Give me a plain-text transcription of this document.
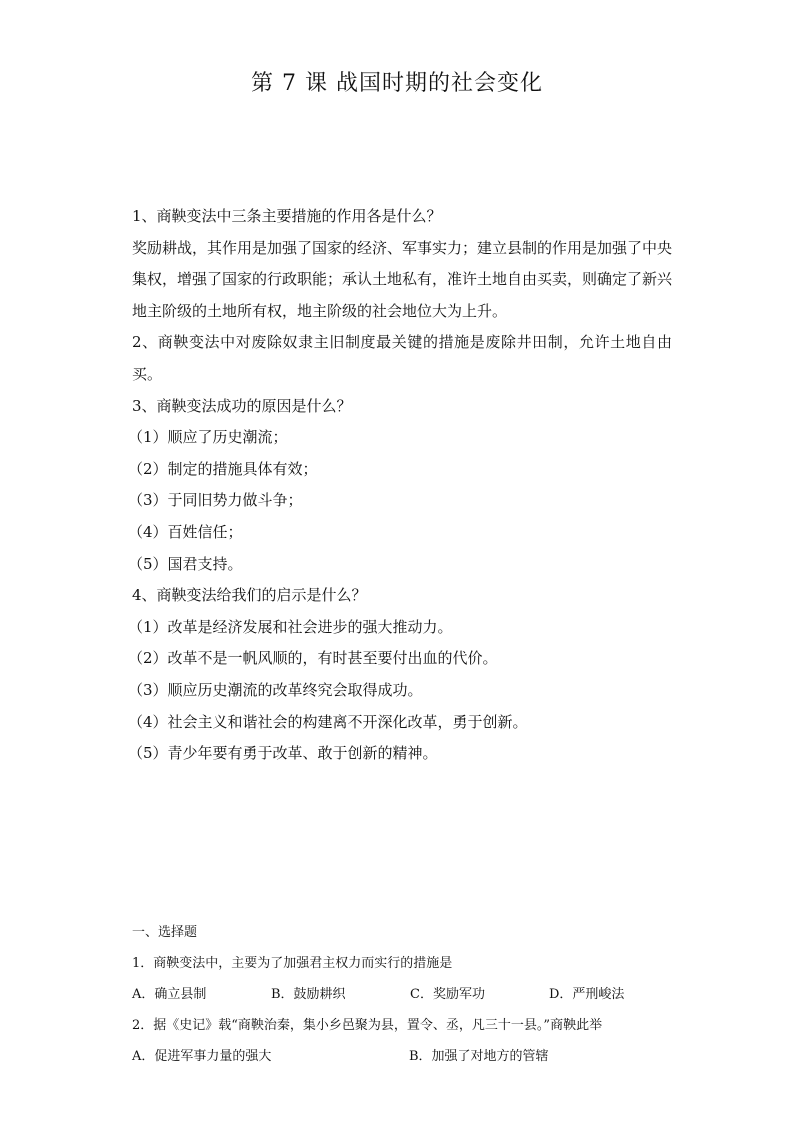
第 7 课 战国时期的社会变化
1、商鞅变法中三条主要措施的作用各是什么？
奖励耕战，其作用是加强了国家的经济、军事实力；建立县制的作用是加强了中央集权，增强了国家的行政职能；承认土地私有，准许土地自由买卖，则确定了新兴地主阶级的土地所有权，地主阶级的社会地位大为上升。
2、商鞅变法中对废除奴隶主旧制度最关键的措施是废除井田制，允许土地自由买。
3、商鞅变法成功的原因是什么？
（1）顺应了历史潮流；
（2）制定的措施具体有效；
（3）于同旧势力做斗争；
（4）百姓信任；
（5）国君支持。
4、商鞅变法给我们的启示是什么？
（1）改革是经济发展和社会进步的强大推动力。
（2）改革不是一帆风顺的，有时甚至要付出血的代价。
（3）顺应历史潮流的改革终究会取得成功。
（4）社会主义和谐社会的构建离不开深化改革，勇于创新。
（5）青少年要有勇于改革、敢于创新的精神。
一、选择题
1．商鞅变法中，主要为了加强君主权力而实行的措施是
A．确立县制	B．鼓励耕织	C．奖励军功	D．严刑峻法
2．据《史记》载“商鞅治秦，集小乡邑聚为县，置令、丞，凡三十一县。”商鞅此举
A．促进军事力量的强大	B．加强了对地方的管辖
